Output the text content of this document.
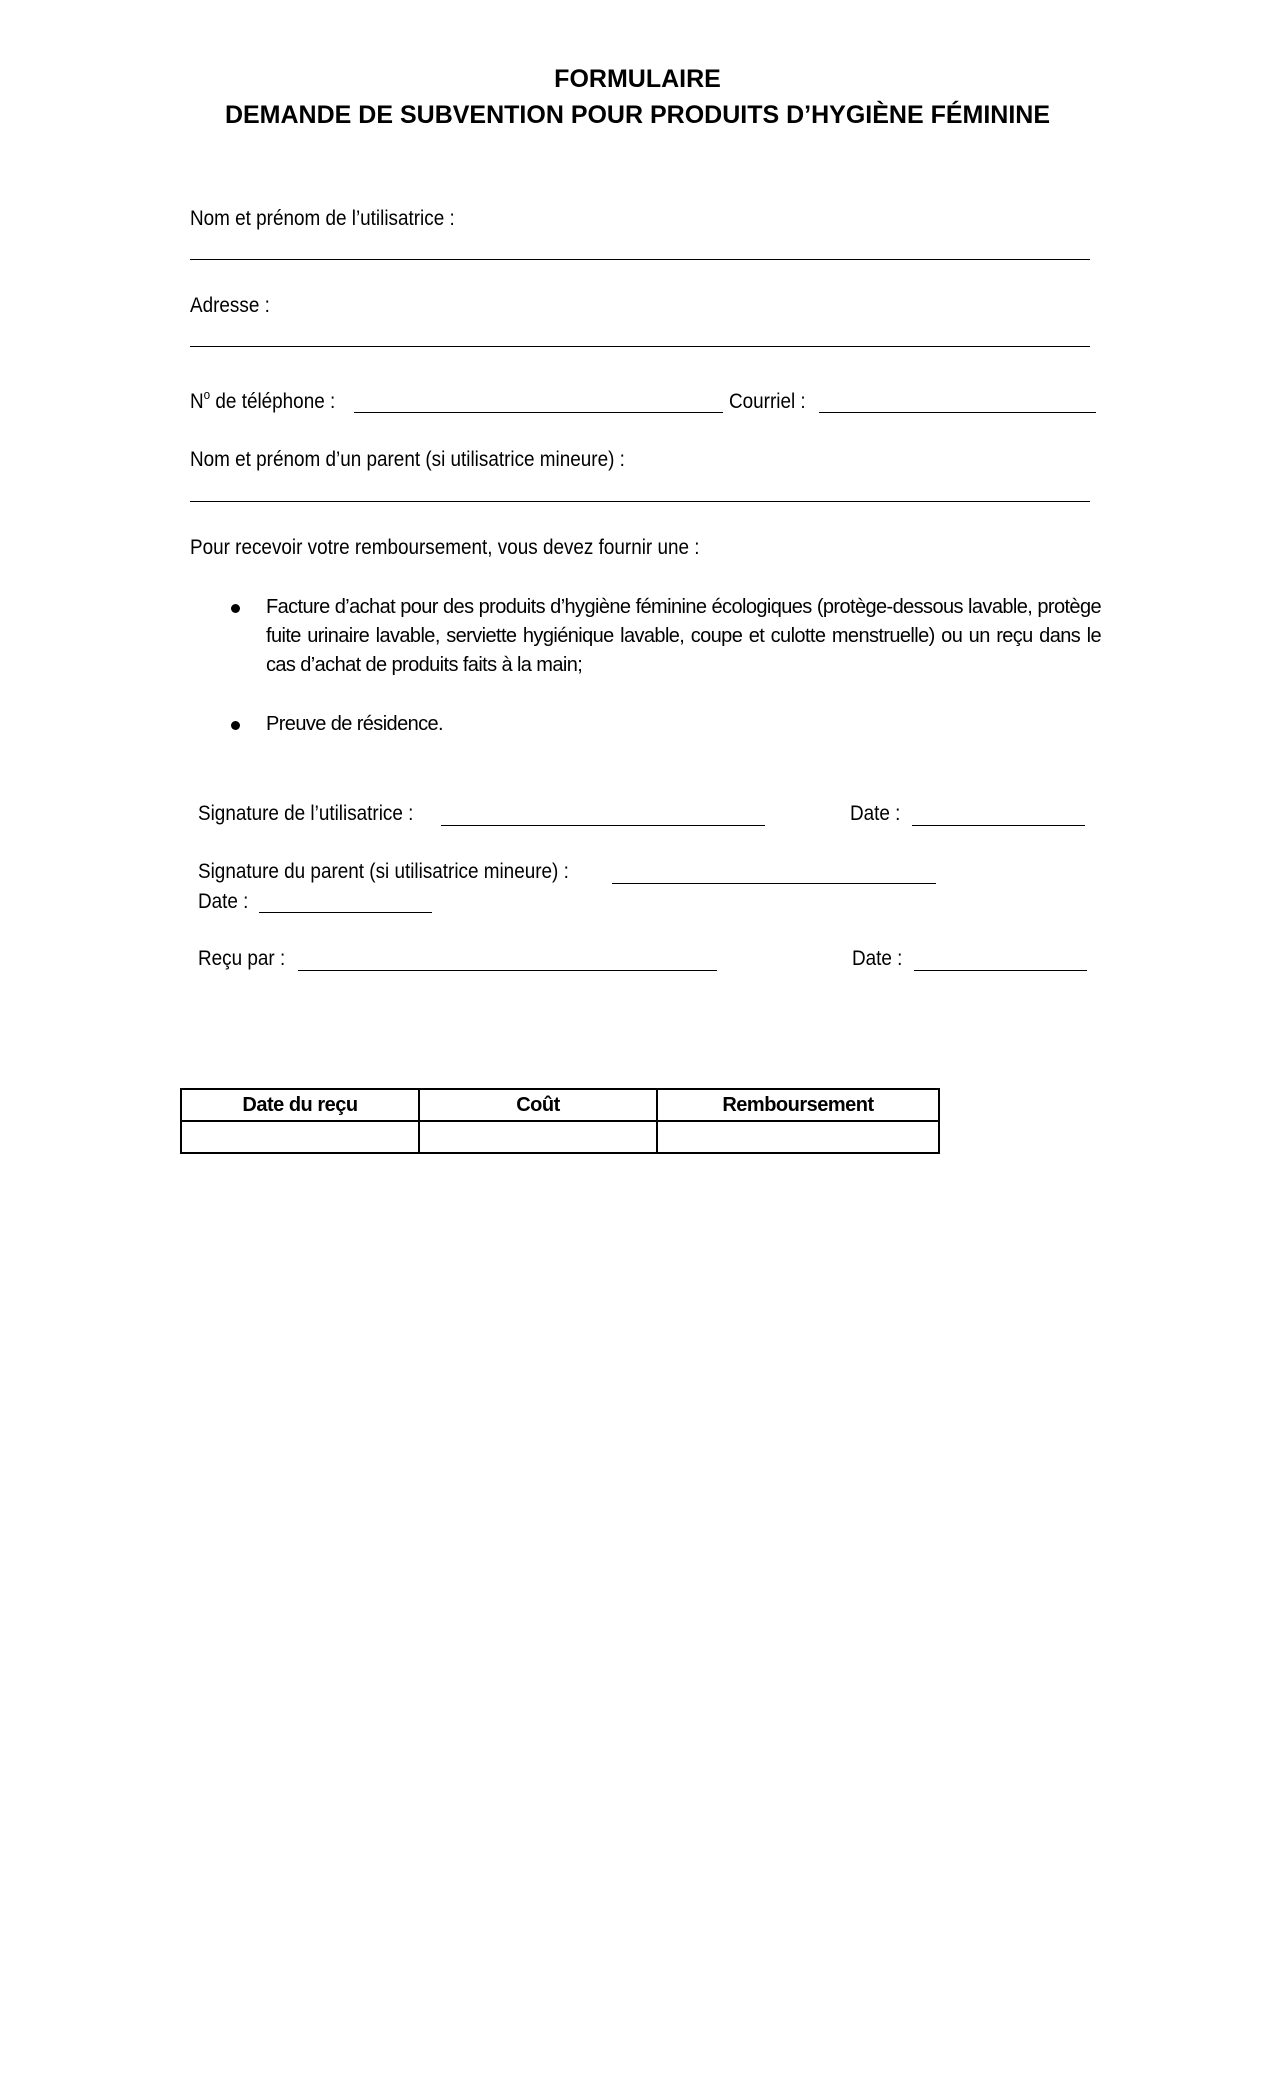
FORMULAIRE
DEMANDE DE SUBVENTION POUR PRODUITS D’HYGIÈNE FÉMININE
Nom et prénom de l’utilisatrice :
Adresse :
$N^o$ de téléphone :	Courriel :
Nom et prénom d’un parent (si utilisatrice mineure) :
Pour recevoir votre remboursement, vous devez fournir une :
Facture d’achat pour des produits d’hygiène féminine écologiques (protège-dessous lavable, protège fuite urinaire lavable, serviette hygiénique lavable, coupe et culotte menstruelle) ou un reçu dans le cas d’achat de produits faits à la main;
Preuve de résidence.
Signature de l’utilisatrice :	Date :
Signature du parent (si utilisatrice mineure) :
Date :
Reçu par :	Date :
Date du reçu	Coût	Remboursement
